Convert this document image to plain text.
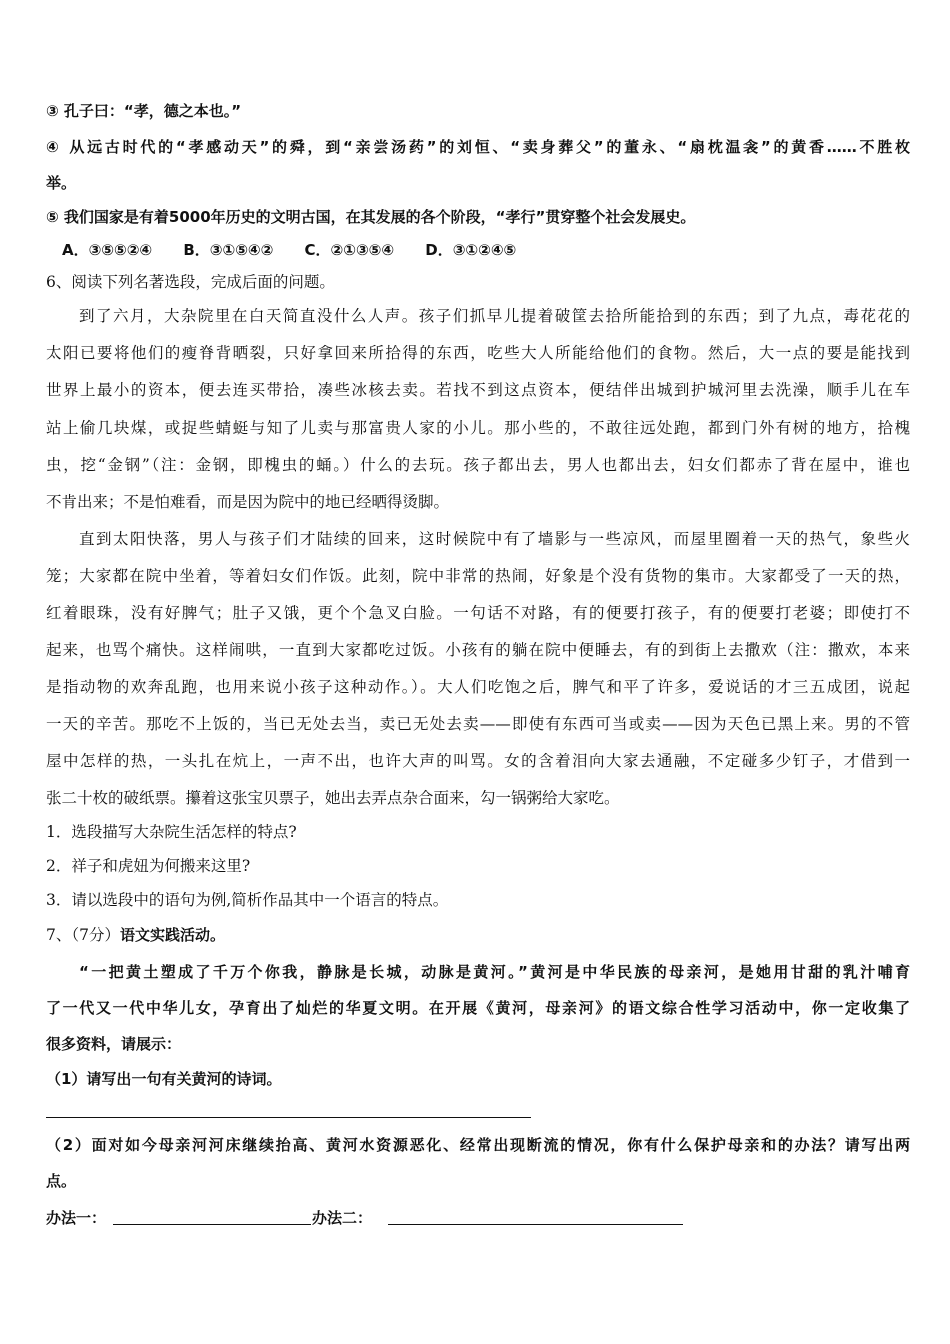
③ 孔子曰：“孝，德之本也。”
④ 从远古时代的“孝感动天”的舜，到“亲尝汤药”的刘恒、“卖身葬父”的董永、“扇枕温衾”的黄香……不胜枚
举。
⑤ 我们国家是有着5000年历史的文明古国，在其发展的各个阶段，“孝行”贯穿整个社会发展史。
A．③⑤⑤②④ B．③①⑤④② C．②①③⑤④ D．③①②④⑤
6、阅读下列名著选段，完成后面的问题。
到了六月，大杂院里在白天简直没什么人声。孩子们抓早儿提着破筐去拾所能拾到的东西；到了九点，毒花花的
太阳已要将他们的瘦脊背晒裂，只好拿回来所拾得的东西，吃些大人所能给他们的食物。然后，大一点的要是能找到
世界上最小的资本，便去连买带拾，凑些冰核去卖。若找不到这点资本，便结伴出城到护城河里去洗澡，顺手儿在车
站上偷几块煤，或捉些蜻蜓与知了儿卖与那富贵人家的小儿。那小些的，不敢往远处跑，都到门外有树的地方，拾槐
虫，挖“金钢”（注：金钢，即槐虫的蛹。）什么的去玩。孩子都出去，男人也都出去，妇女们都赤了背在屋中，谁也
不肯出来；不是怕难看，而是因为院中的地已经晒得烫脚。
直到太阳快落，男人与孩子们才陆续的回来，这时候院中有了墙影与一些凉风，而屋里圈着一天的热气，象些火
笼；大家都在院中坐着，等着妇女们作饭。此刻，院中非常的热闹，好象是个没有货物的集市。大家都受了一天的热，
红着眼珠，没有好脾气；肚子又饿，更个个急叉白脸。一句话不对路，有的便要打孩子，有的便要打老婆；即使打不
起来，也骂个痛快。这样闹哄，一直到大家都吃过饭。小孩有的躺在院中便睡去，有的到街上去撒欢（注：撒欢，本来
是指动物的欢奔乱跑，也用来说小孩子这种动作。）。大人们吃饱之后，脾气和平了许多，爱说话的才三五成团，说起
一天的辛苦。那吃不上饭的，当已无处去当，卖已无处去卖——即使有东西可当或卖——因为天色已黑上来。男的不管
屋中怎样的热，一头扎在炕上，一声不出，也许大声的叫骂。女的含着泪向大家去通融，不定碰多少钉子，才借到一
张二十枚的破纸票。攥着这张宝贝票子，她出去弄点杂合面来，勾一锅粥给大家吃。
1．选段描写大杂院生活怎样的特点?
2．祥子和虎妞为何搬来这里?
3．请以选段中的语句为例,简析作品其中一个语言的特点。
7、（7分）语文实践活动。
“一把黄土塑成了千万个你我，静脉是长城，动脉是黄河。”黄河是中华民族的母亲河，是她用甘甜的乳汁哺育
了一代又一代中华儿女，孕育出了灿烂的华夏文明。在开展《黄河，母亲河》的语文综合性学习活动中，你一定收集了
很多资料，请展示：
（1）请写出一句有关黄河的诗词。
（2）面对如今母亲河河床继续抬高、黄河水资源恶化、经常出现断流的情况，你有什么保护母亲和的办法？请写出两
点。
办法一：	办法二：
